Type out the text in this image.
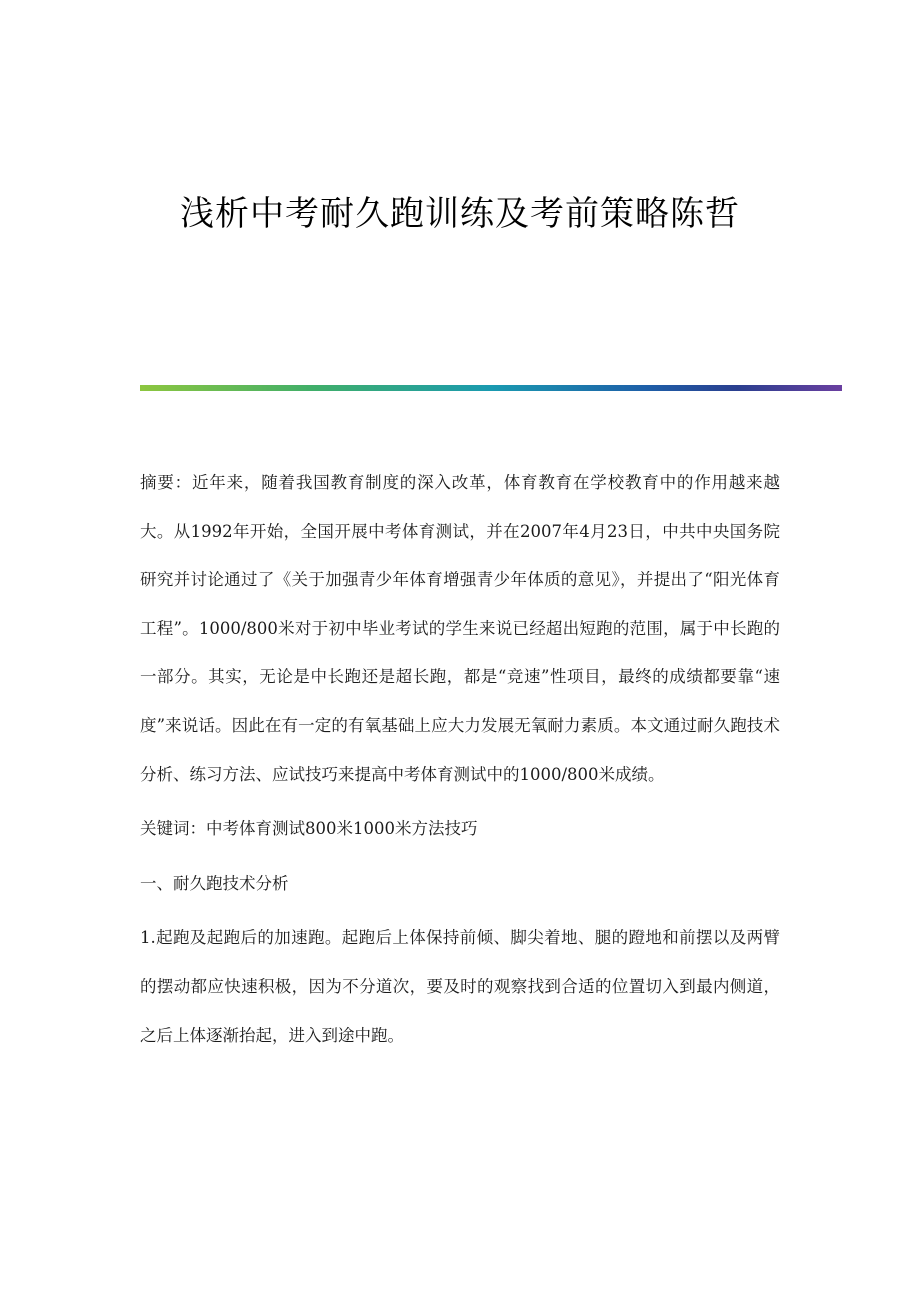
浅析中考耐久跑训练及考前策略陈哲

摘要：近年来，随着我国教育制度的深入改革，体育教育在学校教育中的作用越来越大。从1992年开始，全国开展中考体育测试，并在2007年4月23日，中共中央国务院研究并讨论通过了《关于加强青少年体育增强青少年体质的意见》，并提出了“阳光体育工程”。1000/800米对于初中毕业考试的学生来说已经超出短跑的范围，属于中长跑的一部分。其实，无论是中长跑还是超长跑，都是“竞速”性项目，最终的成绩都要靠“速度”来说话。因此在有一定的有氧基础上应大力发展无氧耐力素质。本文通过耐久跑技术分析、练习方法、应试技巧来提高中考体育测试中的1000/800米成绩。

关键词：中考体育测试800米1000米方法技巧

一、耐久跑技术分析

1.起跑及起跑后的加速跑。起跑后上体保持前倾、脚尖着地、腿的蹬地和前摆以及两臂的摆动都应快速积极，因为不分道次，要及时的观察找到合适的位置切入到最内侧道，之后上体逐渐抬起，进入到途中跑。
